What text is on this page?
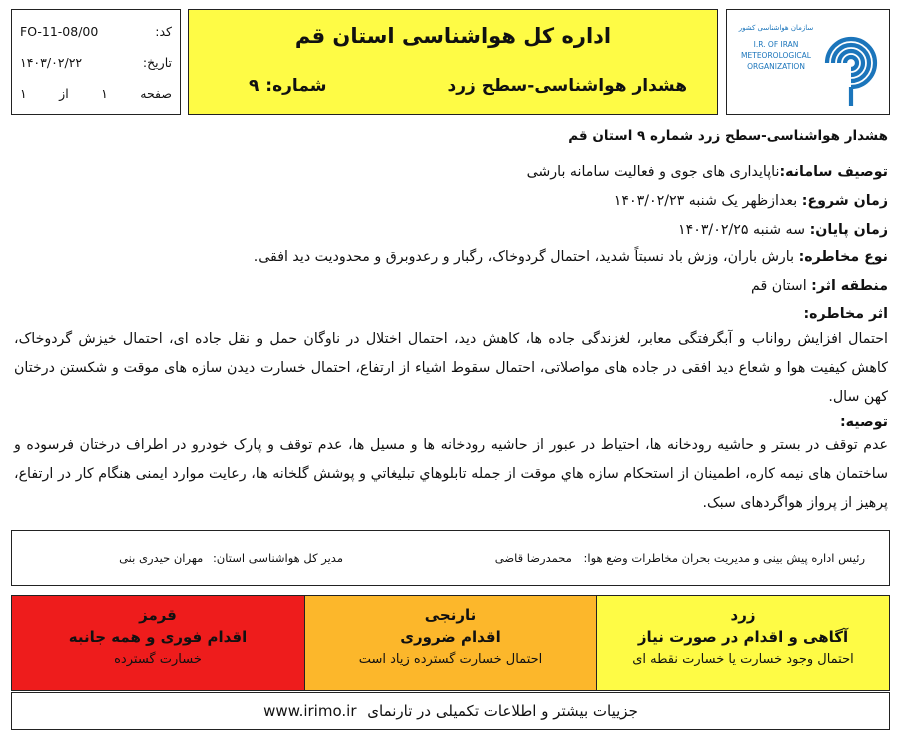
کد:
FO-11-08/00
تاریخ:
۱۴۰۳/۰۲/۲۲
صفحه
۱
از
۱
اداره کل هواشناسی استان قم
هشدار هواشناسی-سطح زرد
شماره: ۹
سازمان هواشناسی کشور
I.R. OF IRAN
METEOROLOGICAL
ORGANIZATION
هشدار هواشناسی-سطح زرد شماره ۹ استان قم
توصیف سامانه:ناپایداری های جوی و فعالیت سامانه بارشی
زمان شروع: بعدازظهر یک شنبه ۱۴۰۳/۰۲/۲۳
زمان پایان: سه شنبه ۱۴۰۳/۰۲/۲۵
نوع مخاطره: بارش باران، وزش باد نسبتاً شدید، احتمال گردوخاک، رگبار و رعدوبرق و محدودیت دید افقی.
منطقه اثر: استان قم
اثر مخاطره:
احتمال افزایش رواناب و آبگرفتگی معابر، لغزندگی جاده ها، کاهش دید، احتمال اختلال در ناوگان حمل و نقل جاده ای، احتمال خیزش گردوخاک، کاهش کیفیت هوا و شعاع دید افقی در جاده های مواصلاتی، احتمال سقوط اشیاء از ارتفاع، احتمال خسارت دیدن سازه های موقت و شکستن درختان کهن سال.
توصیه:
عدم توقف در بستر و حاشیه رودخانه ها، احتیاط در عبور از حاشیه رودخانه ها و مسیل ها، عدم توقف و پارک خودرو در اطراف درختان فرسوده و ساختمان های نیمه کاره، اطمینان از استحکام سازه هاي موقت از جمله تابلوهاي تبليغاتي و پوشش گلخانه ها، رعایت موارد ایمنی هنگام کار در ارتفاع، پرهیز از پرواز هواگردهای سبک.
رئیس اداره پیش بینی و مدیریت بحران مخاطرات وضع هوا: محمدرضا قاضی
مدیر کل هواشناسی استان: مهران حیدری بنی
زرد
آگاهی و اقدام در صورت نیاز
احتمال وجود خسارت یا خسارت نقطه ای
نارنجی
اقدام ضروری
احتمال خسارت گسترده زیاد است
قرمز
اقدام فوری و همه جانبه
خسارت گسترده
جزییات بیشتر و اطلاعات تکمیلی در تارنمای www.irimo.ir
